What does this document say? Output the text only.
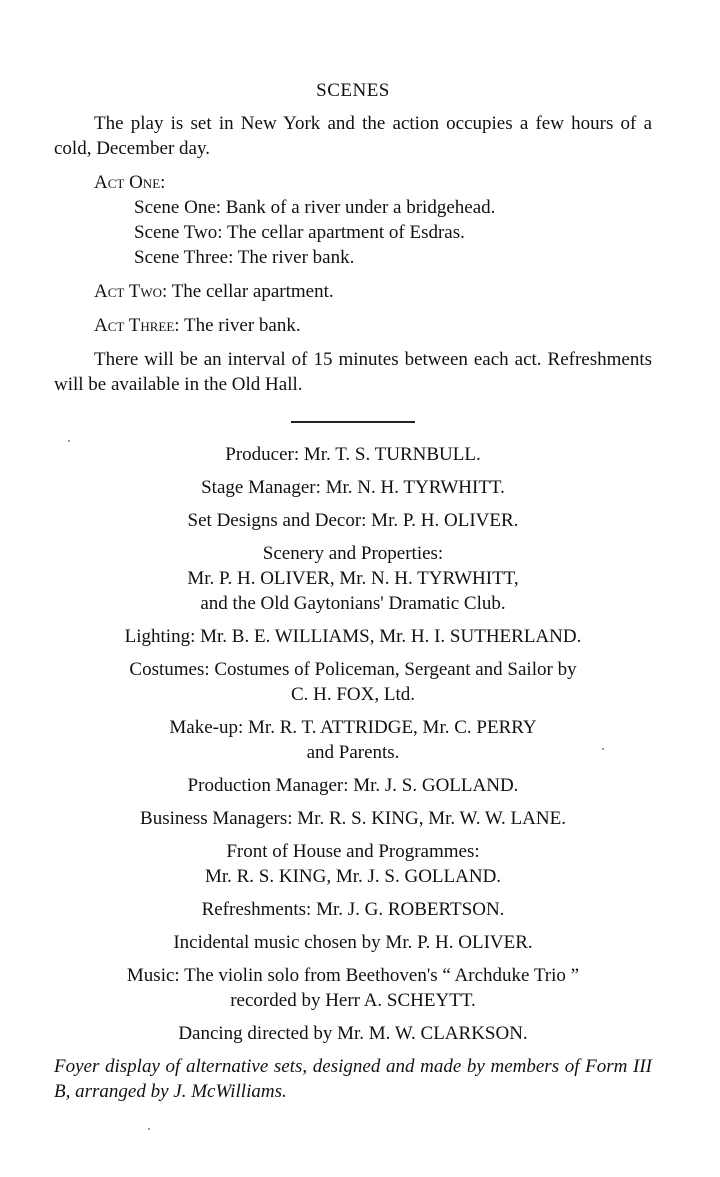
SCENES
The play is set in New York and the action occupies a few hours of a cold, December day.
Act One:
Scene One: Bank of a river under a bridgehead.
Scene Two: The cellar apartment of Esdras.
Scene Three: The river bank.
Act Two: The cellar apartment.
Act Three: The river bank.
There will be an interval of 15 minutes between each act. Refreshments will be available in the Old Hall.
Producer: Mr. T. S. TURNBULL.
Stage Manager: Mr. N. H. TYRWHITT.
Set Designs and Decor: Mr. P. H. OLIVER.
Scenery and Properties:
Mr. P. H. OLIVER, Mr. N. H. TYRWHITT,
and the Old Gaytonians' Dramatic Club.
Lighting: Mr. B. E. WILLIAMS, Mr. H. I. SUTHERLAND.
Costumes: Costumes of Policeman, Sergeant and Sailor by
C. H. FOX, Ltd.
Make-up: Mr. R. T. ATTRIDGE, Mr. C. PERRY
and Parents.
Production Manager: Mr. J. S. GOLLAND.
Business Managers: Mr. R. S. KING, Mr. W. W. LANE.
Front of House and Programmes:
Mr. R. S. KING, Mr. J. S. GOLLAND.
Refreshments: Mr. J. G. ROBERTSON.
Incidental music chosen by Mr. P. H. OLIVER.
Music: The violin solo from Beethoven's “ Archduke Trio ”
recorded by Herr A. SCHEYTT.
Dancing directed by Mr. M. W. CLARKSON.
Foyer display of alternative sets, designed and made by members of Form III B, arranged by J. McWilliams.
